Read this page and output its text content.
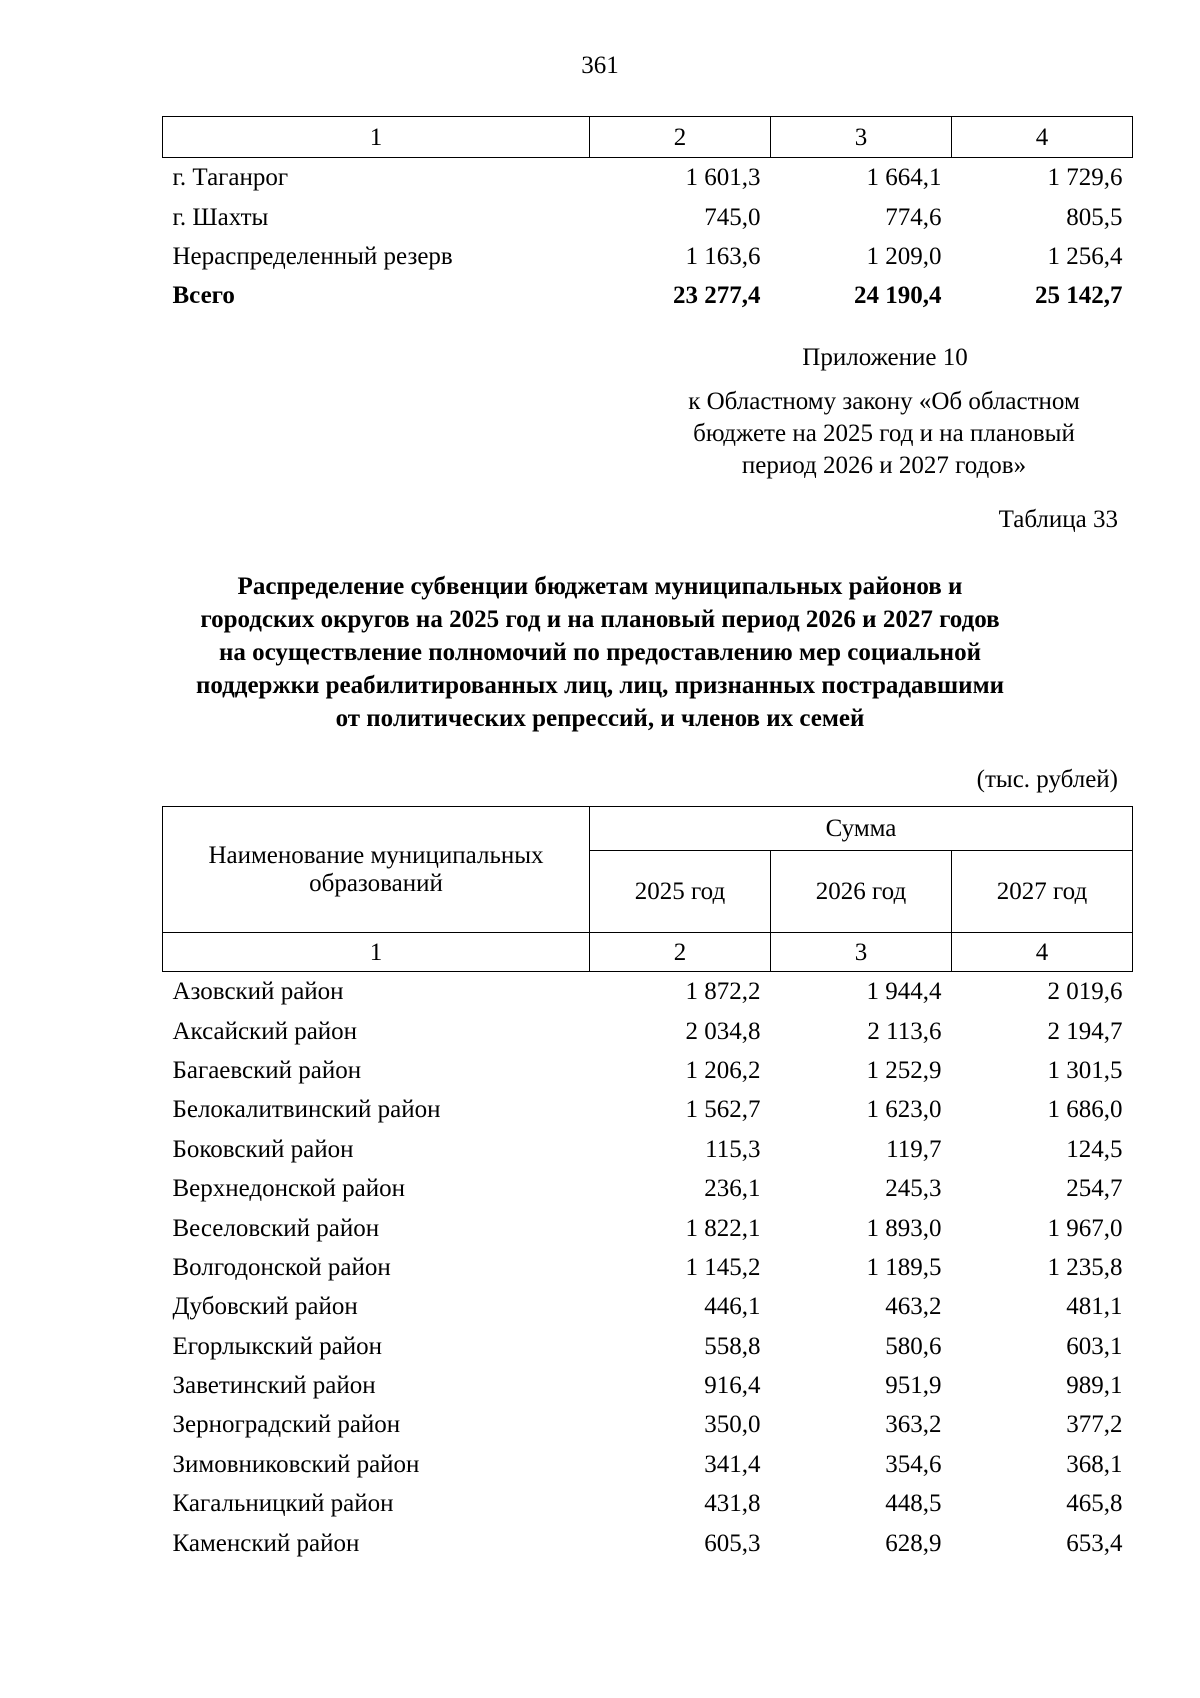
361
1	2	3	4
г. Таганрог	1 601,3	1 664,1	1 729,6
г. Шахты	745,0	774,6	805,5
Нераспределенный резерв	1 163,6	1 209,0	1 256,4
Всего	23 277,4	24 190,4	25 142,7
Приложение 10
к Областному закону «Об областном
бюджете на 2025 год и на плановый
период 2026 и 2027 годов»
Таблица 33
Распределение субвенции бюджетам муниципальных районов и
городских округов на 2025 год и на плановый период 2026 и 2027 годов
на осуществление полномочий по предоставлению мер социальной
поддержки реабилитированных лиц, лиц, признанных пострадавшими
от политических репрессий, и членов их семей
(тыс. рублей)
Наименование муниципальных
образований	Сумма		
	2025 год	2026 год	2027 год
1	2	3	4
Азовский район	1 872,2	1 944,4	2 019,6
Аксайский район	2 034,8	2 113,6	2 194,7
Багаевский район	1 206,2	1 252,9	1 301,5
Белокалитвинский район	1 562,7	1 623,0	1 686,0
Боковский район	115,3	119,7	124,5
Верхнедонской район	236,1	245,3	254,7
Веселовский район	1 822,1	1 893,0	1 967,0
Волгодонской район	1 145,2	1 189,5	1 235,8
Дубовский район	446,1	463,2	481,1
Егорлыкский район	558,8	580,6	603,1
Заветинский район	916,4	951,9	989,1
Зерноградский район	350,0	363,2	377,2
Зимовниковский район	341,4	354,6	368,1
Кагальницкий район	431,8	448,5	465,8
Каменский район	605,3	628,9	653,4
